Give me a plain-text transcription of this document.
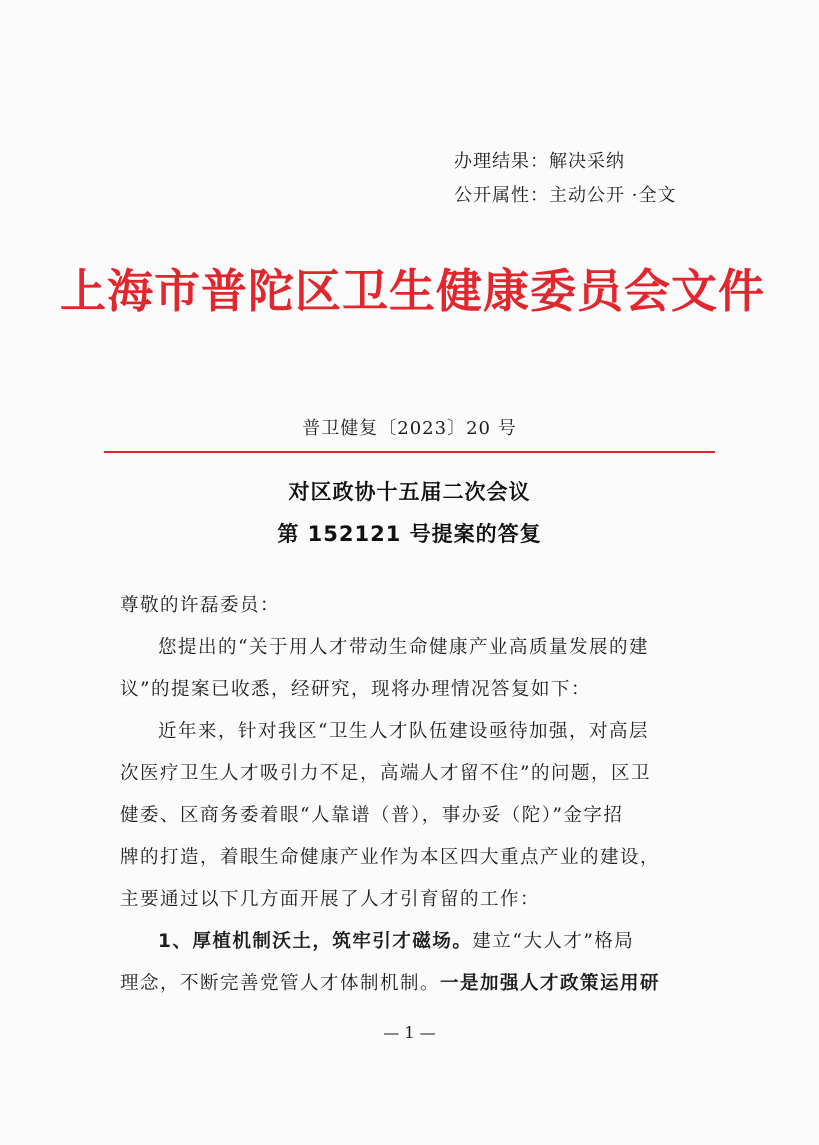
办理结果：解决采纳
公开属性：主动公开 ·全文
上海市普陀区卫生健康委员会文件
普卫健复〔2023〕20 号
对区政协十五届二次会议
第 152121 号提案的答复
尊敬的许磊委员：
您提出的“关于用人才带动生命健康产业高质量发展的建
议”的提案已收悉，经研究，现将办理情况答复如下：
近年来，针对我区“卫生人才队伍建设亟待加强，对高层
次医疗卫生人才吸引力不足，高端人才留不住”的问题，区卫
健委、区商务委着眼“人靠谱（普），事办妥（陀）”金字招
牌的打造，着眼生命健康产业作为本区四大重点产业的建设，
主要通过以下几方面开展了人才引育留的工作：
1、厚植机制沃土，筑牢引才磁场。建立“大人才”格局
理念，不断完善党管人才体制机制。一是加强人才政策运用研
— 1 —
